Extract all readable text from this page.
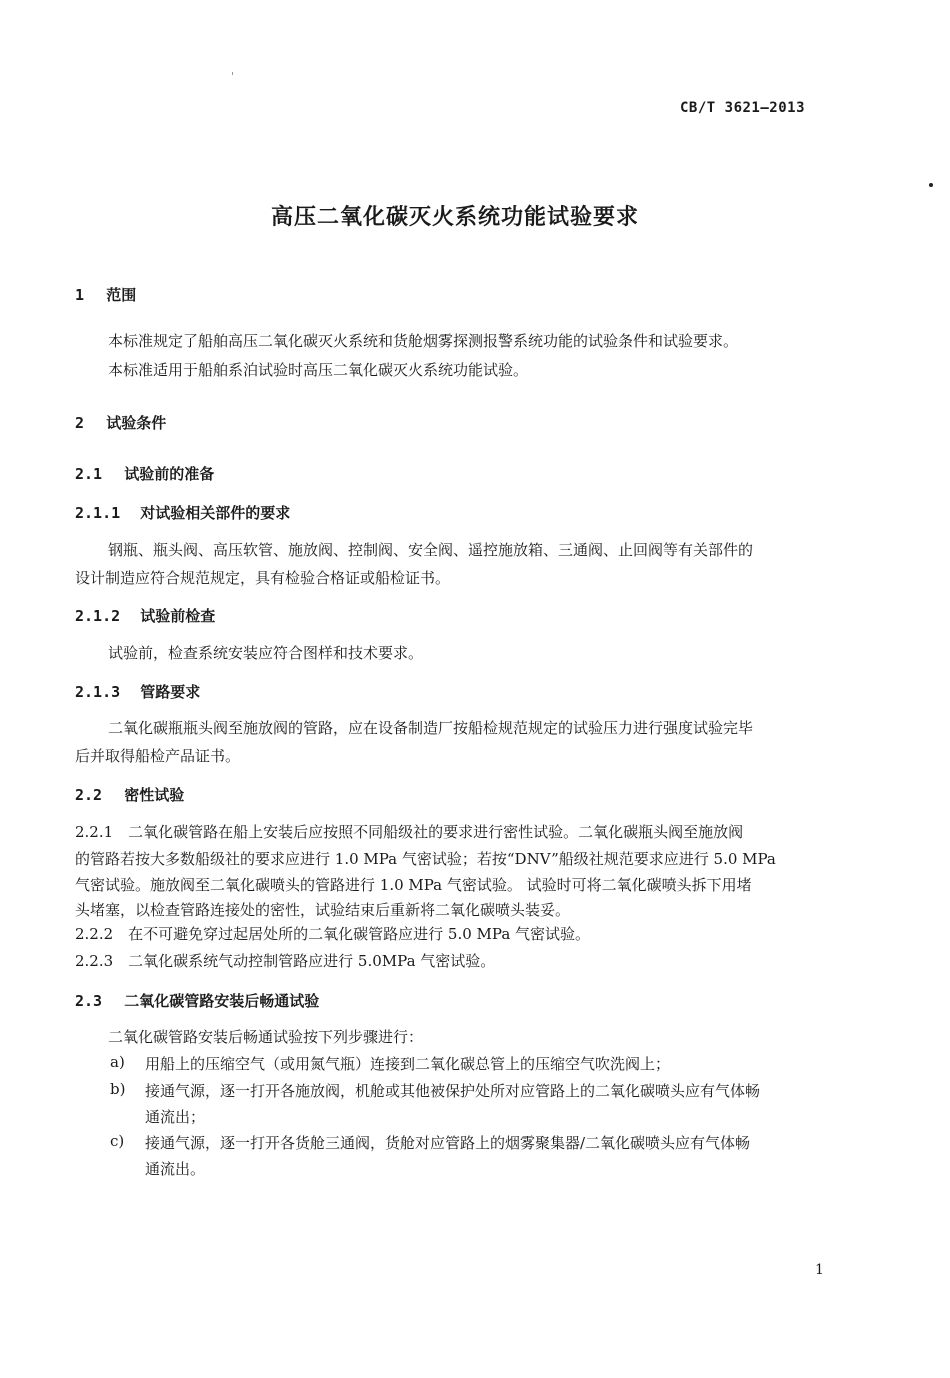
CB/T 3621—2013
高压二氧化碳灭火系统功能试验要求
1 范围
本标准规定了船舶高压二氧化碳灭火系统和货舱烟雾探测报警系统功能的试验条件和试验要求。
本标准适用于船舶系泊试验时高压二氧化碳灭火系统功能试验。
2 试验条件
2.1 试验前的准备
2.1.1 对试验相关部件的要求
钢瓶、瓶头阀、高压软管、施放阀、控制阀、安全阀、遥控施放箱、三通阀、止回阀等有关部件的
设计制造应符合规范规定，具有检验合格证或船检证书。
2.1.2 试验前检查
试验前，检查系统安装应符合图样和技术要求。
2.1.3 管路要求
二氧化碳瓶瓶头阀至施放阀的管路，应在设备制造厂按船检规范规定的试验压力进行强度试验完毕
后并取得船检产品证书。
2.2 密性试验
2.2.1　二氧化碳管路在船上安装后应按照不同船级社的要求进行密性试验。二氧化碳瓶头阀至施放阀
的管路若按大多数船级社的要求应进行 1.0 MPa 气密试验；若按“DNV”船级社规范要求应进行 5.0 MPa
气密试验。施放阀至二氧化碳喷头的管路进行 1.0 MPa 气密试验。 试验时可将二氧化碳喷头拆下用堵
头堵塞，以检查管路连接处的密性，试验结束后重新将二氧化碳喷头装妥。
2.2.2　在不可避免穿过起居处所的二氧化碳管路应进行 5.0 MPa 气密试验。
2.2.3　二氧化碳系统气动控制管路应进行 5.0MPa 气密试验。
2.3 二氧化碳管路安装后畅通试验
二氧化碳管路安装后畅通试验按下列步骤进行：
a) 用船上的压缩空气（或用氮气瓶）连接到二氧化碳总管上的压缩空气吹洗阀上；
b) 接通气源，逐一打开各施放阀，机舱或其他被保护处所对应管路上的二氧化碳喷头应有气体畅
通流出；
c) 接通气源，逐一打开各货舱三通阀，货舱对应管路上的烟雾聚集器/二氧化碳喷头应有气体畅
通流出。
1
